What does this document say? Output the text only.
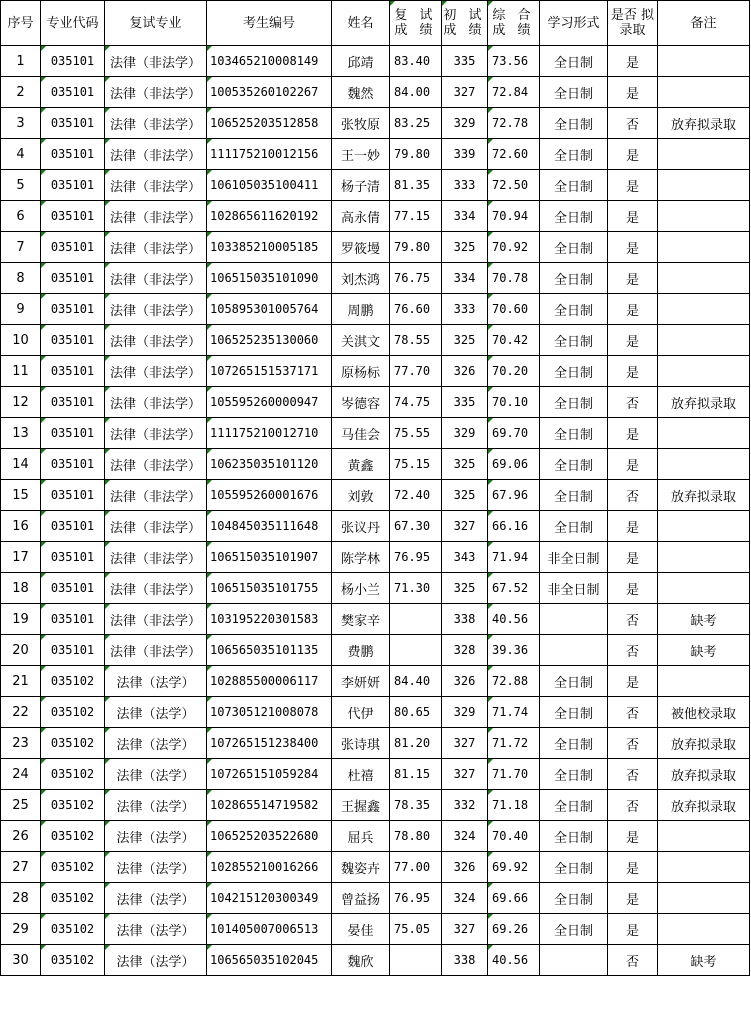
序号	专业代码	复试专业	考生编号	姓名	复 试 成 绩	初 试 成 绩	综 合 成 绩	学习形式	是否 拟录取	备注
1	035101	法律（非法学）	103465210008149	邱靖	83.40	335	73.56	全日制	是	
2	035101	法律（非法学）	100535260102267	魏然	84.00	327	72.84	全日制	是	
3	035101	法律（非法学）	106525203512858	张牧原	83.25	329	72.78	全日制	否	放弃拟录取
4	035101	法律（非法学）	111175210012156	王一妙	79.80	339	72.60	全日制	是	
5	035101	法律（非法学）	106105035100411	杨子清	81.35	333	72.50	全日制	是	
6	035101	法律（非法学）	102865611620192	高永倩	77.15	334	70.94	全日制	是	
7	035101	法律（非法学）	103385210005185	罗筱墁	79.80	325	70.92	全日制	是	
8	035101	法律（非法学）	106515035101090	刘杰鸿	76.75	334	70.78	全日制	是	
9	035101	法律（非法学）	105895301005764	周鹏	76.60	333	70.60	全日制	是	
10	035101	法律（非法学）	106525235130060	关淇文	78.55	325	70.42	全日制	是	
11	035101	法律（非法学）	107265151537171	原杨标	77.70	326	70.20	全日制	是	
12	035101	法律（非法学）	105595260000947	岑德容	74.75	335	70.10	全日制	否	放弃拟录取
13	035101	法律（非法学）	111175210012710	马佳会	75.55	329	69.70	全日制	是	
14	035101	法律（非法学）	106235035101120	黄鑫	75.15	325	69.06	全日制	是	
15	035101	法律（非法学）	105595260001676	刘敦	72.40	325	67.96	全日制	否	放弃拟录取
16	035101	法律（非法学）	104845035111648	张议丹	67.30	327	66.16	全日制	是	
17	035101	法律（非法学）	106515035101907	陈学林	76.95	343	71.94	非全日制	是	
18	035101	法律（非法学）	106515035101755	杨小兰	71.30	325	67.52	非全日制	是	
19	035101	法律（非法学）	103195220301583	樊家辛		338	40.56		否	缺考
20	035101	法律（非法学）	106565035101135	费鹏		328	39.36		否	缺考
21	035102	法律（法学）	102885500006117	李妍妍	84.40	326	72.88	全日制	是	
22	035102	法律（法学）	107305121008078	代伊	80.65	329	71.74	全日制	否	被他校录取
23	035102	法律（法学）	107265151238400	张诗琪	81.20	327	71.72	全日制	否	放弃拟录取
24	035102	法律（法学）	107265151059284	杜禧	81.15	327	71.70	全日制	否	放弃拟录取
25	035102	法律（法学）	102865514719582	王握鑫	78.35	332	71.18	全日制	否	放弃拟录取
26	035102	法律（法学）	106525203522680	屈兵	78.80	324	70.40	全日制	是	
27	035102	法律（法学）	102855210016266	魏姿卉	77.00	326	69.92	全日制	是	
28	035102	法律（法学）	104215120300349	曾益扬	76.95	324	69.66	全日制	是	
29	035102	法律（法学）	101405007006513	晏佳	75.05	327	69.26	全日制	是	
30	035102	法律（法学）	106565035102045	魏欣		338	40.56		否	缺考
